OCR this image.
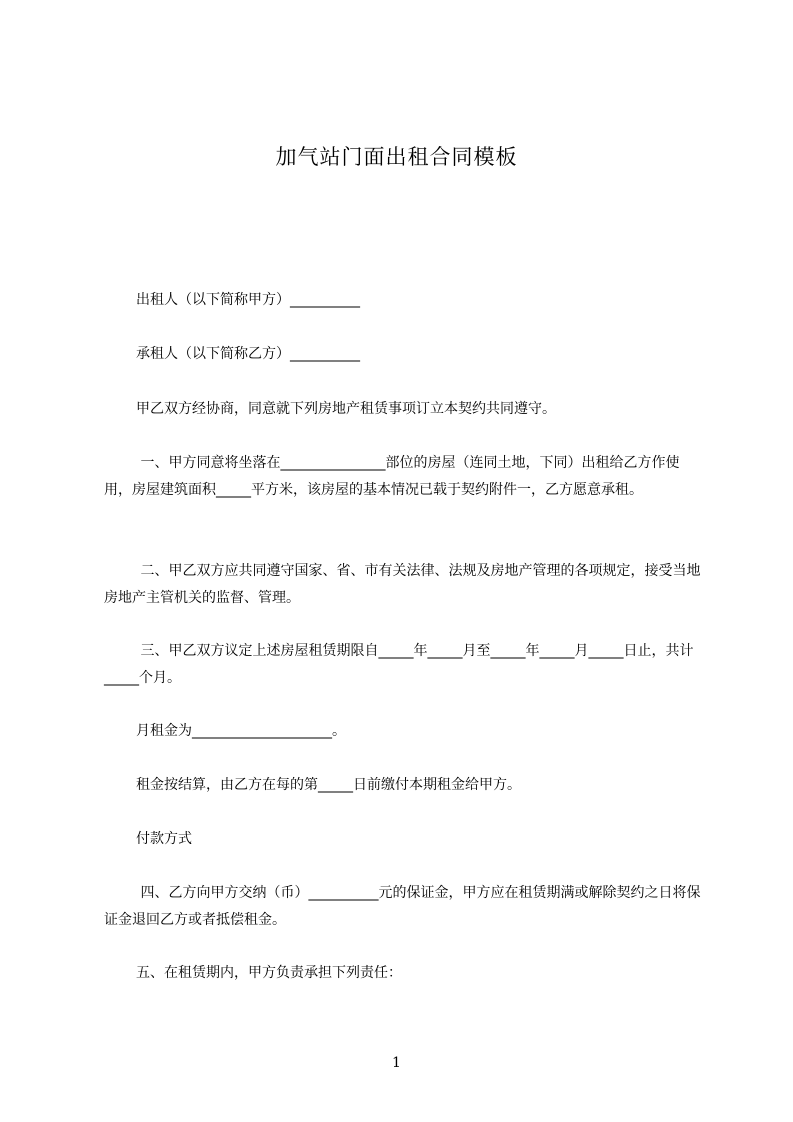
加气站门面出租合同模板
出租人（以下简称甲方）__________
承租人（以下简称乙方）__________
甲乙双方经协商，同意就下列房地产租赁事项订立本契约共同遵守。
一、甲方同意将坐落在_______________部位的房屋（连同土地，下同）出租给乙方作使用，房屋建筑面积_____平方米，该房屋的基本情况已载于契约附件一，乙方愿意承租。
二、甲乙双方应共同遵守国家、省、市有关法律、法规及房地产管理的各项规定，接受当地房地产主管机关的监督、管理。
三、甲乙双方议定上述房屋租赁期限自_____年_____月至_____年_____月_____日止，共计_____个月。
月租金为____________________。
租金按结算，由乙方在每的第_____日前缴付本期租金给甲方。
付款方式
四、乙方向甲方交纳（币）__________元的保证金，甲方应在租赁期满或解除契约之日将保证金退回乙方或者抵偿租金。
五、在租赁期内，甲方负责承担下列责任：
1
